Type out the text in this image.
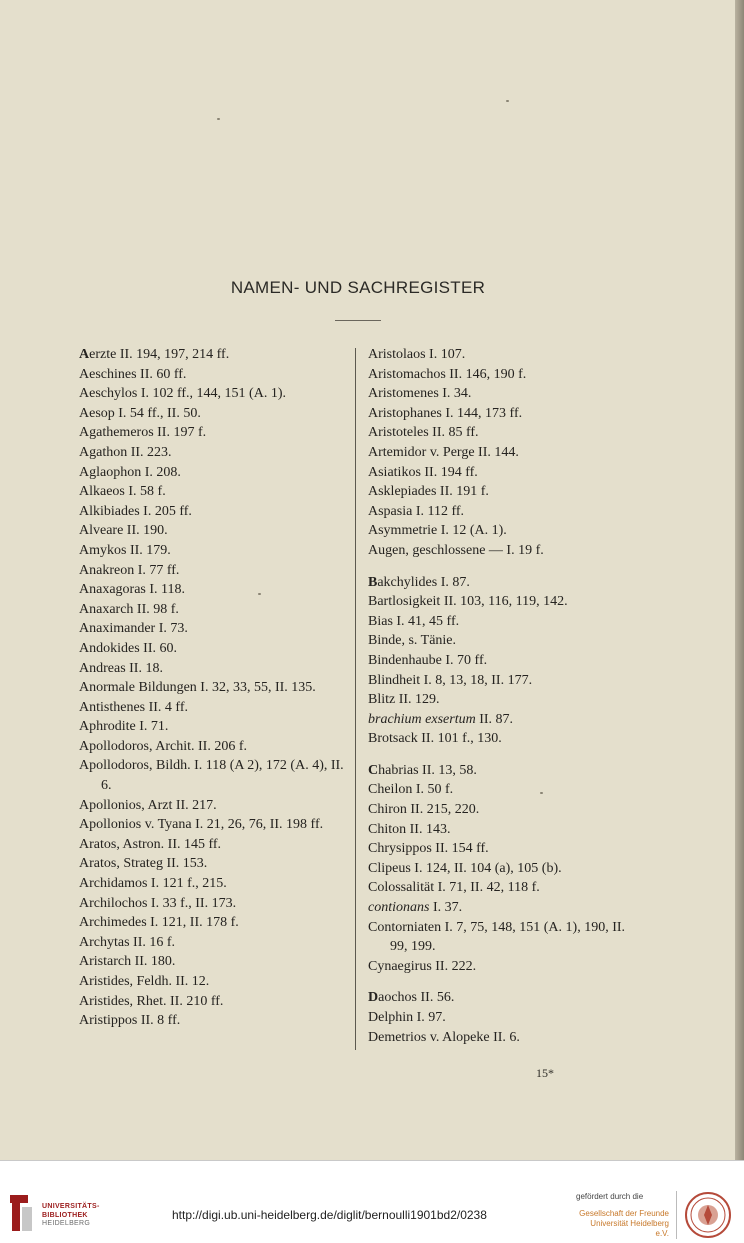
NAMEN- UND SACHREGISTER
Aerzte II. 194, 197, 214 ff.
Aeschines II. 60 ff.
Aeschylos I. 102 ff., 144, 151 (A. 1).
Aesop I. 54 ff., II. 50.
Agathemeros II. 197 f.
Agathon II. 223.
Aglaophon I. 208.
Alkaeos I. 58 f.
Alkibiades I. 205 ff.
Alveare II. 190.
Amykos II. 179.
Anakreon I. 77 ff.
Anaxagoras I. 118.
Anaxarch II. 98 f.
Anaximander I. 73.
Andokides II. 60.
Andreas II. 18.
Anormale Bildungen I. 32, 33, 55, II. 135.
Antisthenes II. 4 ff.
Aphrodite I. 71.
Apollodoros, Archit. II. 206 f.
Apollodoros, Bildh. I. 118 (A 2), 172 (A. 4), II. 6.
Apollonios, Arzt II. 217.
Apollonios v. Tyana I. 21, 26, 76, II. 198 ff.
Aratos, Astron. II. 145 ff.
Aratos, Strateg II. 153.
Archidamos I. 121 f., 215.
Archilochos I. 33 f., II. 173.
Archimedes I. 121, II. 178 f.
Archytas II. 16 f.
Aristarch II. 180.
Aristides, Feldh. II. 12.
Aristides, Rhet. II. 210 ff.
Aristippos II. 8 ff.
Aristolaos I. 107.
Aristomachos II. 146, 190 f.
Aristomenes I. 34.
Aristophanes I. 144, 173 ff.
Aristoteles II. 85 ff.
Artemidor v. Perge II. 144.
Asiatikos II. 194 ff.
Asklepiades II. 191 f.
Aspasia I. 112 ff.
Asymmetrie I. 12 (A. 1).
Augen, geschlossene — I. 19 f.
Bakchylides I. 87.
Bartlosigkeit II. 103, 116, 119, 142.
Bias I. 41, 45 ff.
Binde, s. Tänie.
Bindenhaube I. 70 ff.
Blindheit I. 8, 13, 18, II. 177.
Blitz II. 129.
brachium exsertum II. 87.
Brotsack II. 101 f., 130.
Chabrias II. 13, 58.
Cheilon I. 50 f.
Chiron II. 215, 220.
Chiton II. 143.
Chrysippos II. 154 ff.
Clipeus I. 124, II. 104 (a), 105 (b).
Colossalität I. 71, II. 42, 118 f.
contionans I. 37.
Contorniaten I. 7, 75, 148, 151 (A. 1), 190, II. 99, 199.
Cynaegirus II. 222.
Daochos II. 56.
Delphin I. 97.
Demetrios v. Alopeke II. 6.
15*
UNIVERSITÄTS-
BIBLIOTHEK
HEIDELBERG
http://digi.ub.uni-heidelberg.de/diglit/bernoulli1901bd2/0238
gefördert durch die
Gesellschaft der Freunde
Universität Heidelberg e.V.
